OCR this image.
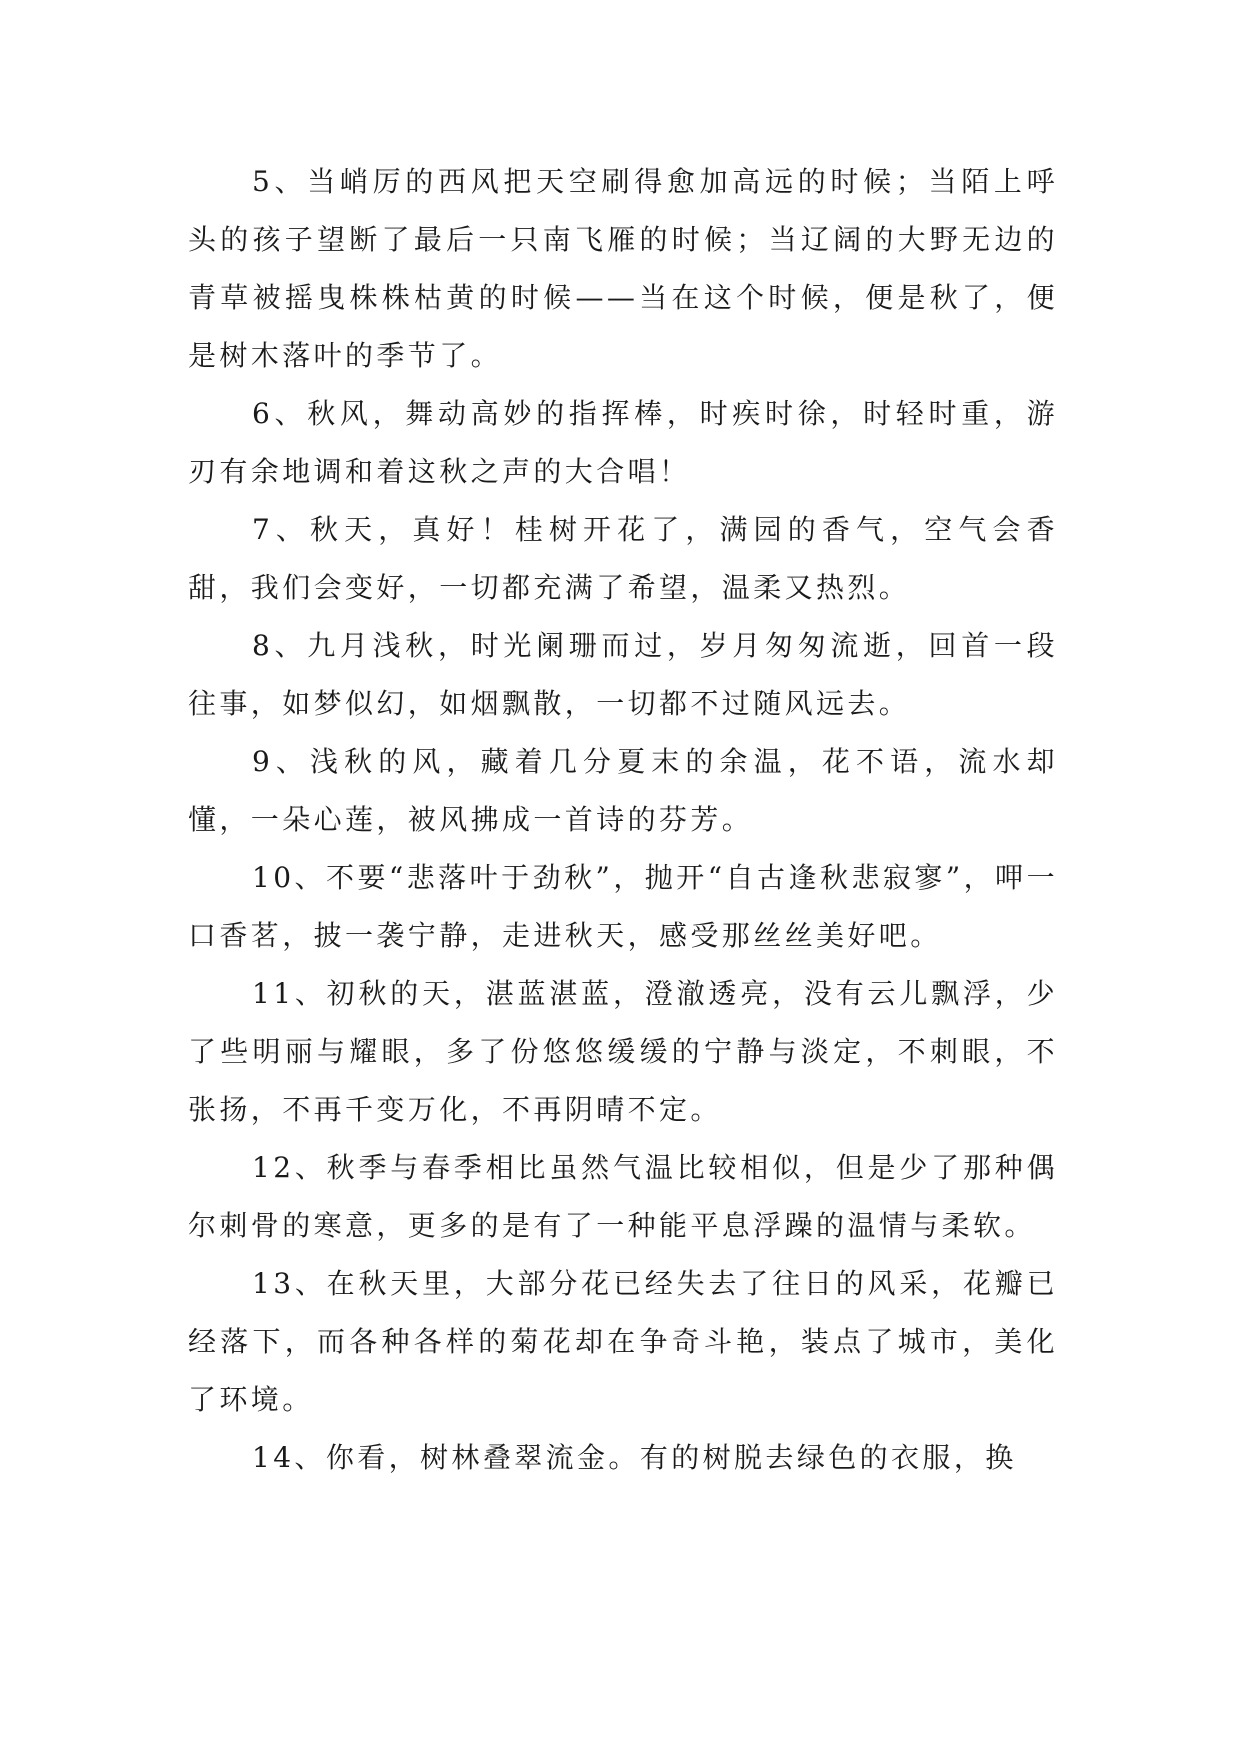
5、当峭厉的西风把天空刷得愈加高远的时候；当陌上呼头的孩子望断了最后一只南飞雁的时候；当辽阔的大野无边的青草被摇曳株株枯黄的时候——当在这个时候，便是秋了，便是树木落叶的季节了。

6、秋风，舞动高妙的指挥棒，时疾时徐，时轻时重，游刃有余地调和着这秋之声的大合唱！

7、秋天，真好！桂树开花了，满园的香气，空气会香甜，我们会变好，一切都充满了希望，温柔又热烈。

8、九月浅秋，时光阑珊而过，岁月匆匆流逝，回首一段往事，如梦似幻，如烟飘散，一切都不过随风远去。

9、浅秋的风，藏着几分夏末的余温，花不语，流水却懂，一朵心莲，被风拂成一首诗的芬芳。

10、不要“悲落叶于劲秋”，抛开“自古逢秋悲寂寥”，呷一口香茗，披一袭宁静，走进秋天，感受那丝丝美好吧。

11、初秋的天，湛蓝湛蓝，澄澈透亮，没有云儿飘浮，少了些明丽与耀眼，多了份悠悠缓缓的宁静与淡定，不刺眼，不张扬，不再千变万化，不再阴晴不定。

12、秋季与春季相比虽然气温比较相似，但是少了那种偶尔刺骨的寒意，更多的是有了一种能平息浮躁的温情与柔软。

13、在秋天里，大部分花已经失去了往日的风采，花瓣已经落下，而各种各样的菊花却在争奇斗艳，装点了城市，美化了环境。

14、你看，树林叠翠流金。有的树脱去绿色的衣服，换
